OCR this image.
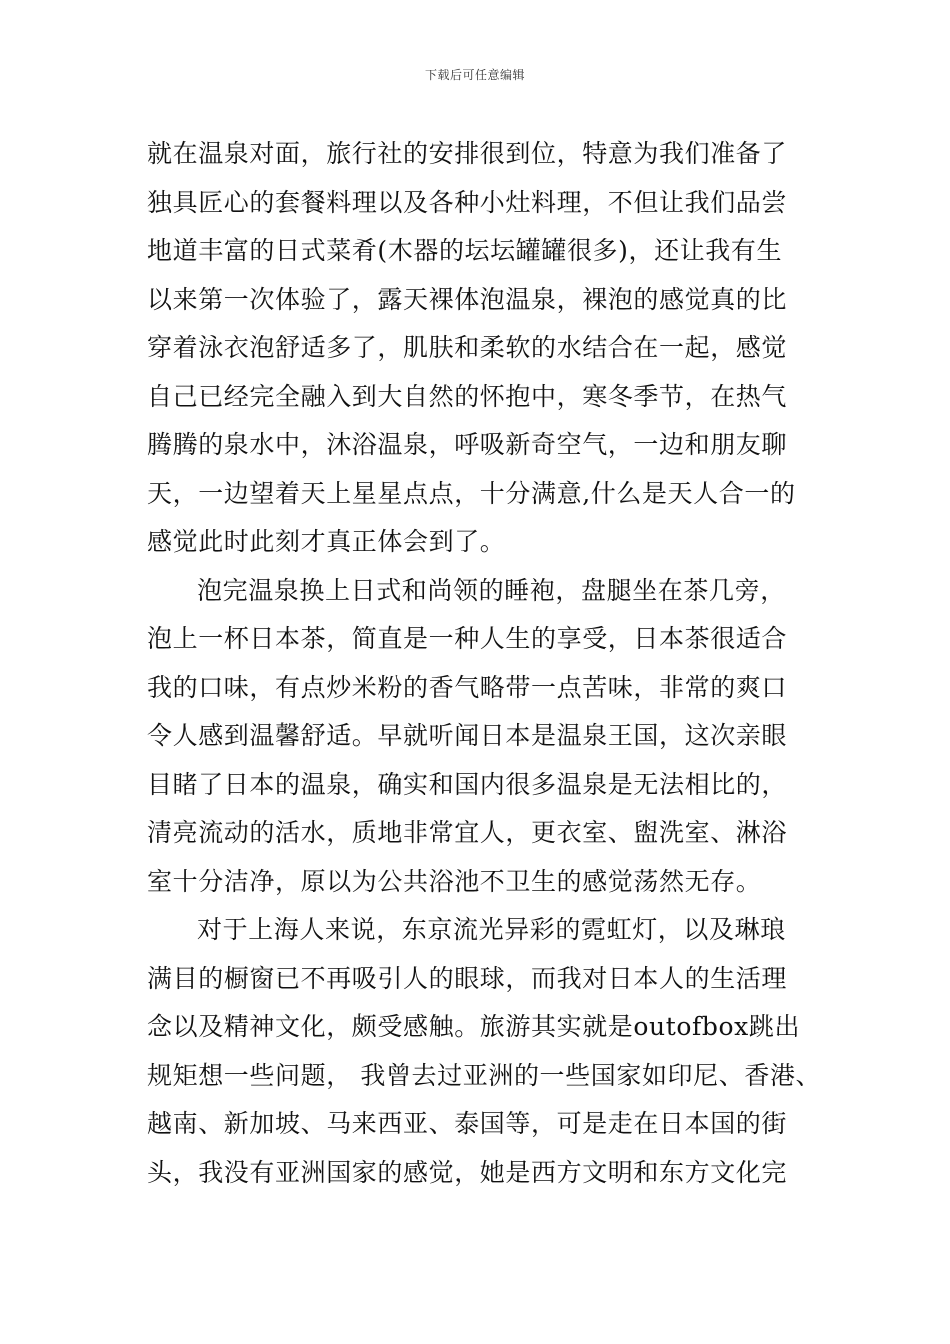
下载后可任意编辑
就在温泉对面，旅行社的安排很到位，特意为我们准备了
独具匠心的套餐料理以及各种小灶料理，不但让我们品尝
地道丰富的日式菜肴(木器的坛坛罐罐很多)，还让我有生
以来第一次体验了，露天裸体泡温泉，裸泡的感觉真的比
穿着泳衣泡舒适多了，肌肤和柔软的水结合在一起，感觉
自己已经完全融入到大自然的怀抱中，寒冬季节，在热气
腾腾的泉水中，沐浴温泉，呼吸新奇空气，一边和朋友聊
天，一边望着天上星星点点，十分满意,什么是天人合一的
感觉此时此刻才真正体会到了。
泡完温泉换上日式和尚领的睡袍，盘腿坐在茶几旁，
泡上一杯日本茶，简直是一种人生的享受，日本茶很适合
我的口味，有点炒米粉的香气略带一点苦味，非常的爽口
令人感到温馨舒适。早就听闻日本是温泉王国，这次亲眼
目睹了日本的温泉，确实和国内很多温泉是无法相比的，
清亮流动的活水，质地非常宜人，更衣室、盥洗室、淋浴
室十分洁净，原以为公共浴池不卫生的感觉荡然无存。
对于上海人来说，东京流光异彩的霓虹灯，以及琳琅
满目的橱窗已不再吸引人的眼球，而我对日本人的生活理
念以及精神文化，颇受感触。旅游其实就是outofbox跳出
规矩想一些问题， 我曾去过亚洲的一些国家如印尼、香港、
越南、新加坡、马来西亚、泰国等，可是走在日本国的街
头，我没有亚洲国家的感觉，她是西方文明和东方文化完
